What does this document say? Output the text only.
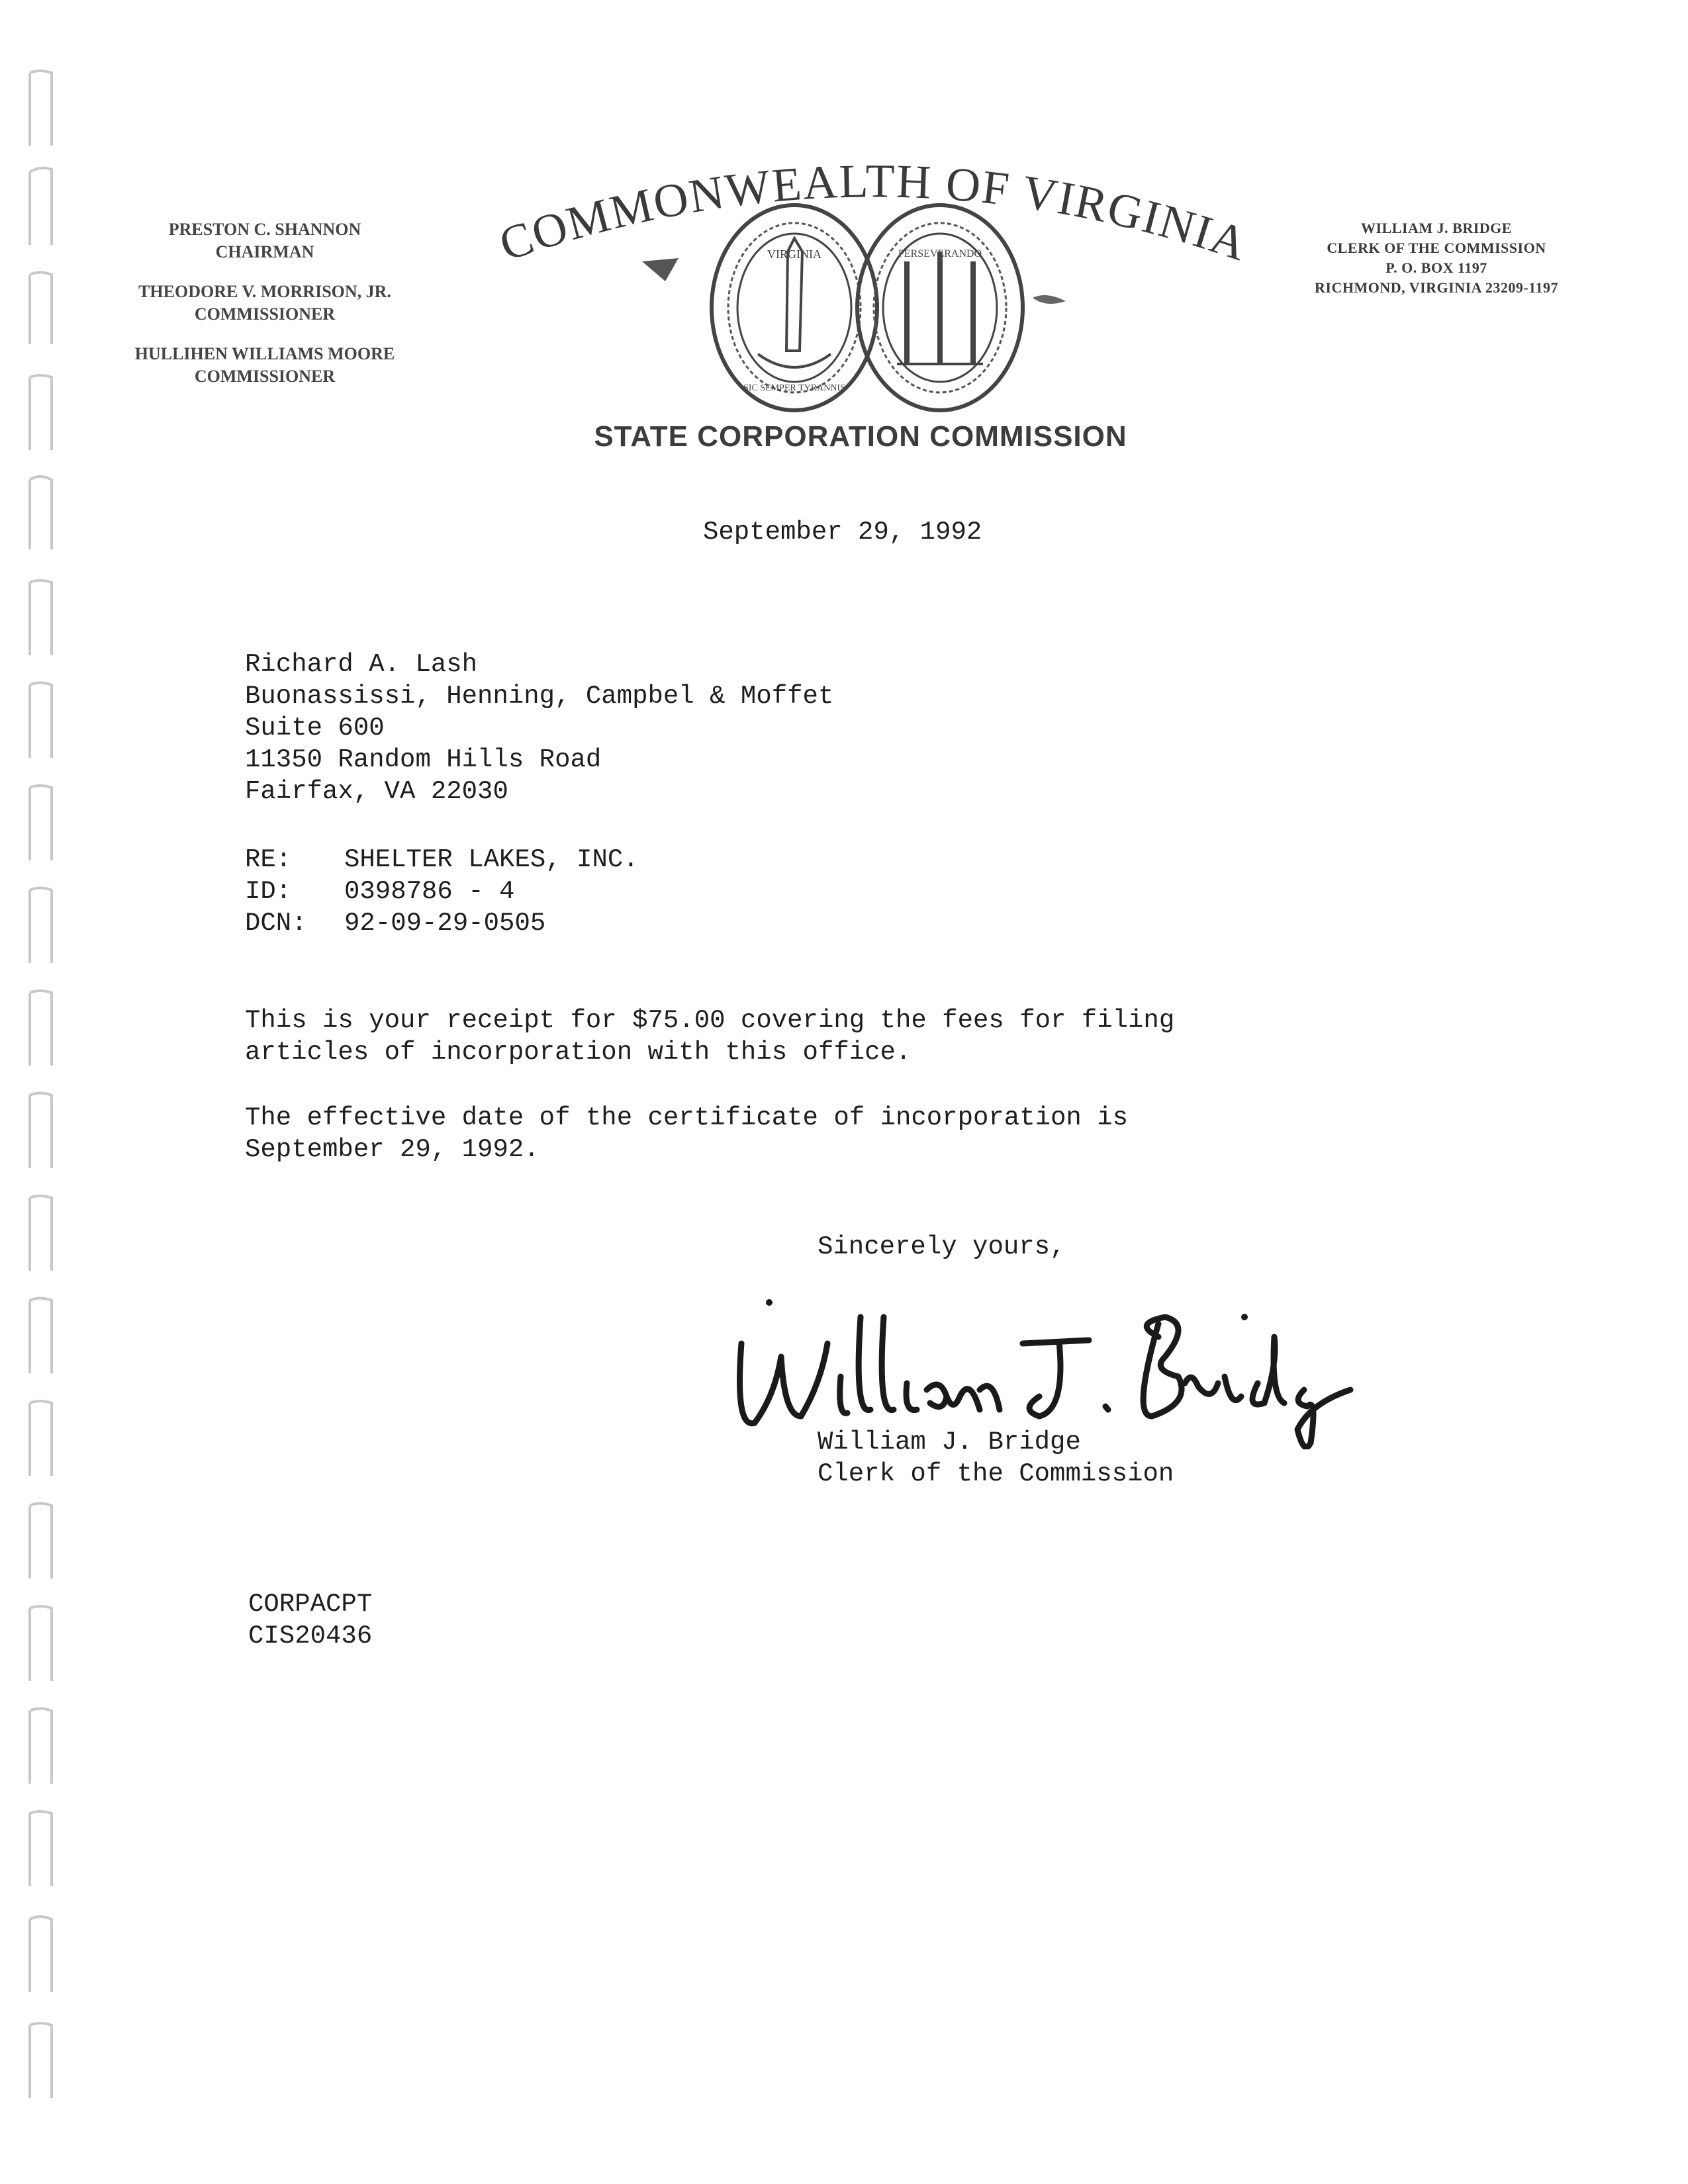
PRESTON C. SHANNON
CHAIRMAN
THEODORE V. MORRISON, JR.
COMMISSIONER
HULLIHEN WILLIAMS MOORE
COMMISSIONER
COMMONWEALTH OF VIRGINIA
VIRGINIA
SIC SEMPER TYRANNIS
PERSEVERANDO
STATE CORPORATION COMMISSION
WILLIAM J. BRIDGE
CLERK OF THE COMMISSION
P. O. BOX 1197
RICHMOND, VIRGINIA 23209-1197
September 29, 1992
Richard A. Lash
Buonassissi, Henning, Campbel & Moffet
Suite 600
11350 Random Hills Road
Fairfax, VA 22030
RE:	SHELTER LAKES, INC.
ID:	0398786 - 4
DCN:	92-09-29-0505
This is your receipt for $75.00 covering the fees for filing
articles of incorporation with this office.
The effective date of the certificate of incorporation is
September 29, 1992.
Sincerely yours,
William J. Bridge
Clerk of the Commission
CORPACPT
CIS20436
